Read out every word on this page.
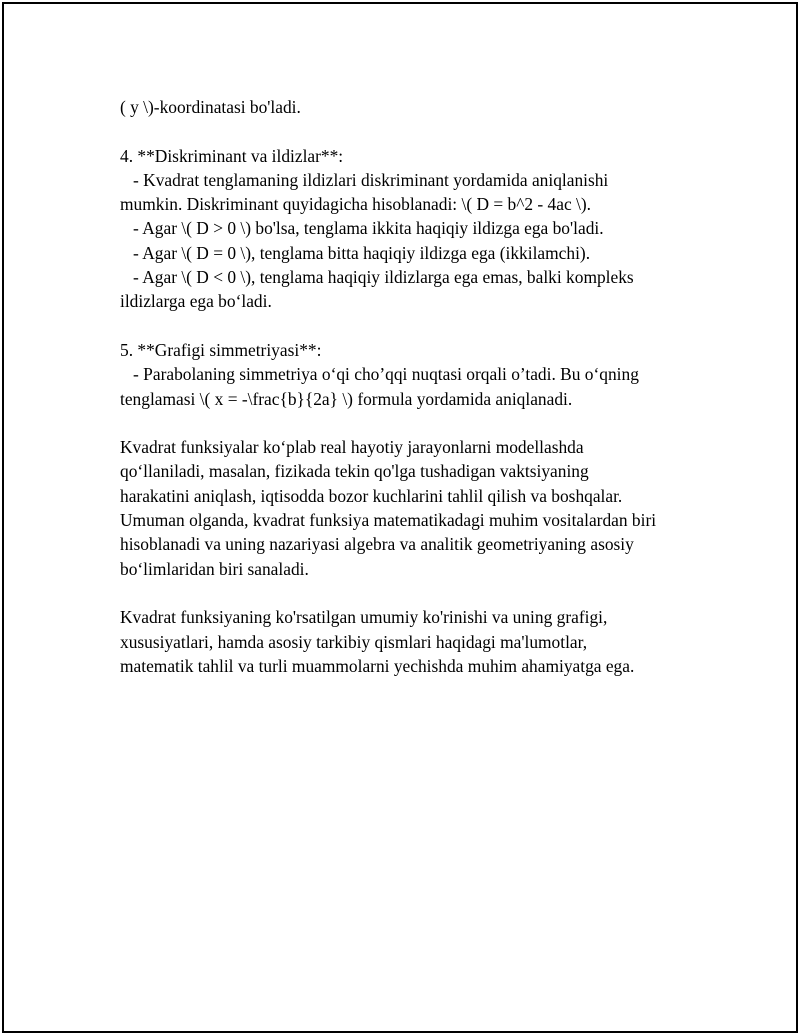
( y \)-koordinatasi bo'ladi.
4. **Diskriminant va ildizlar**:
- Kvadrat tenglamaning ildizlari diskriminant yordamida aniqlanishi
mumkin. Diskriminant quyidagicha hisoblanadi: \( D = b^2 - 4ac \).
- Agar \( D > 0 \) bo'lsa, tenglama ikkita haqiqiy ildizga ega bo'ladi.
- Agar \( D = 0 \), tenglama bitta haqiqiy ildizga ega (ikkilamchi).
- Agar \( D < 0 \), tenglama haqiqiy ildizlarga ega emas, balki kompleks
ildizlarga ega bo‘ladi.
5. **Grafigi simmetriyasi**:
- Parabolaning simmetriya o‘qi cho’qqi nuqtasi orqali o’tadi. Bu o‘qning
tenglamasi \( x = -\frac{b}{2a} \) formula yordamida aniqlanadi.
Kvadrat funksiyalar ko‘plab real hayotiy jarayonlarni modellashda
qo‘llaniladi, masalan, fizikada tekin qo'lga tushadigan vaktsiyaning
harakatini aniqlash, iqtisodda bozor kuchlarini tahlil qilish va boshqalar.
Umuman olganda, kvadrat funksiya matematikadagi muhim vositalardan biri
hisoblanadi va uning nazariyasi algebra va analitik geometriyaning asosiy
bo‘limlaridan biri sanaladi.
Kvadrat funksiyaning ko'rsatilgan umumiy ko'rinishi va uning grafigi,
xususiyatlari, hamda asosiy tarkibiy qismlari haqidagi ma'lumotlar,
matematik tahlil va turli muammolarni yechishda muhim ahamiyatga ega.
